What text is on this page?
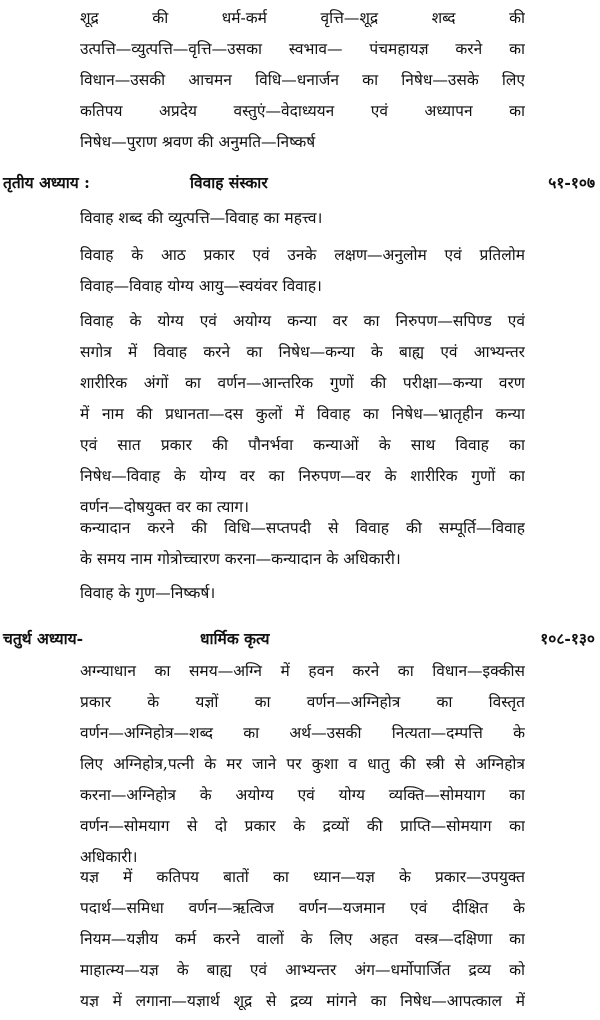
शूद्र की धर्म-कर्म वृत्ति—शूद्र शब्द की
उत्पत्ति—व्युत्पत्ति—वृत्ति—उसका स्वभाव— पंचमहायज्ञ करने का
विधान—उसकी आचमन विधि—धनार्जन का निषेध—उसके लिए
कतिपय अप्रदेय वस्तुएं—वेदाध्ययन एवं अध्यापन का
निषेध—पुराण श्रवण की अनुमति—निष्कर्ष
तृतीय अध्याय :	विवाह संस्कार	५१-१०७
विवाह शब्द की व्युत्पत्ति—विवाह का महत्त्व।
विवाह के आठ प्रकार एवं उनके लक्षण—अनुलोम एवं प्रतिलोम
विवाह—विवाह योग्य आयु—स्वयंवर विवाह।
विवाह के योग्य एवं अयोग्य कन्या वर का निरुपण—सपिण्ड एवं
सगोत्र में विवाह करने का निषेध—कन्या के बाह्य एवं आभ्यन्तर
शारीरिक अंगों का वर्णन—आन्तरिक गुणों की परीक्षा—कन्या वरण
में नाम की प्रधानता—दस कुलों में विवाह का निषेध—भ्रातृहीन कन्या
एवं सात प्रकार की पौनर्भवा कन्याओं के साथ विवाह का
निषेध—विवाह के योग्य वर का निरुपण—वर के शारीरिक गुणों का
वर्णन—दोषयुक्त वर का त्याग।
कन्यादान करने की विधि—सप्तपदी से विवाह की सम्पूर्ति—विवाह
के समय नाम गोत्रोच्चारण करना—कन्यादान के अधिकारी।
विवाह के गुण—निष्कर्ष।
चतुर्थ अध्याय-	धार्मिक कृत्य	१०८-१३०
अग्न्याधान का समय—अग्नि में हवन करने का विधान—इक्कीस
प्रकार के यज्ञों का वर्णन—अग्निहोत्र का विस्तृत
वर्णन—अग्निहोत्र—शब्द का अर्थ—उसकी नित्यता—दम्पत्ति के
लिए अग्निहोत्र,पत्नी के मर जाने पर कुशा व धातु की स्त्री से अग्निहोत्र
करना—अग्निहोत्र के अयोग्य एवं योग्य व्यक्ति—सोमयाग का
वर्णन—सोमयाग से दो प्रकार के द्रव्यों की प्राप्ति—सोमयाग का
अधिकारी।
यज्ञ में कतिपय बातों का ध्यान—यज्ञ के प्रकार—उपयुक्त
पदार्थ—समिधा वर्णन—ऋत्विज वर्णन—यजमान एवं दीक्षित के
नियम—यज्ञीय कर्म करने वालों के लिए अहत वस्त्र—दक्षिणा का
माहात्म्य—यज्ञ के बाह्य एवं आभ्यन्तर अंग—धर्मोपार्जित द्रव्य को
यज्ञ में लगाना—यज्ञार्थ शूद्र से द्रव्य मांगने का निषेध—आपत्काल में
